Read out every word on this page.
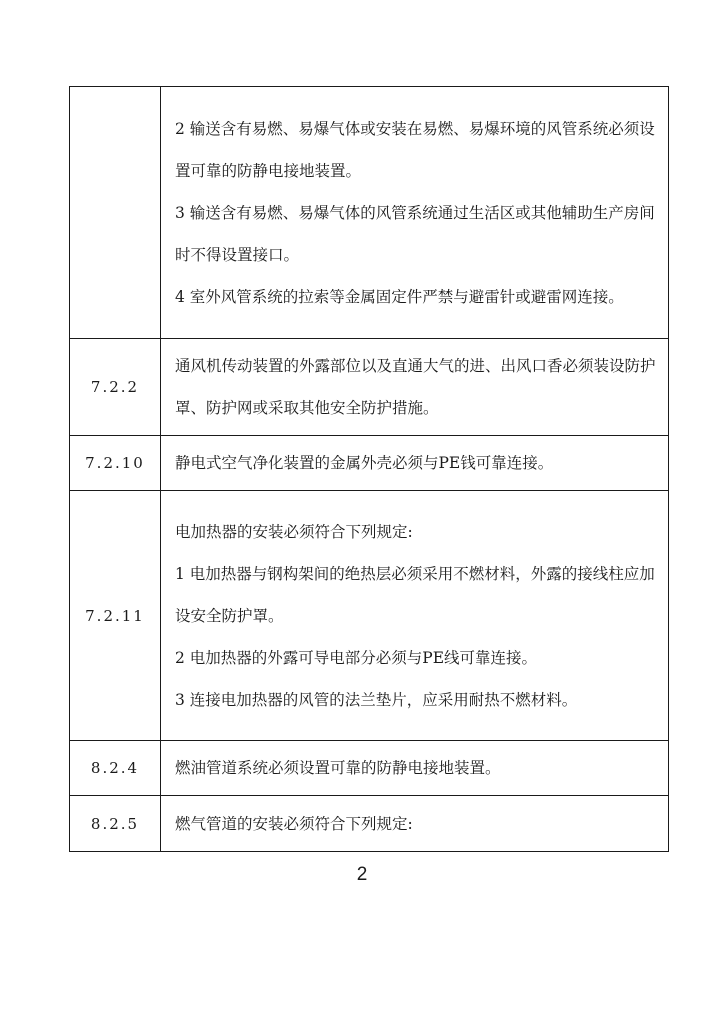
	2 输送含有易燃、易爆气体或安装在易燃、易爆环境的风管系统必须设置可靠的防静电接地装置。

3 输送含有易燃、易爆气体的风管系统通过生活区或其他辅助生产房间时不得设置接口。

4 室外风管系统的拉索等金属固定件严禁与避雷针或避雷网连接。

7.2.2	通风机传动装置的外露部位以及直通大气的进、出风口香必须装设防护罩、防护网或采取其他安全防护措施。

7.2.10	静电式空气净化装置的金属外壳必须与PE钱可靠连接。

7.2.11	电加热器的安装必须符合下列规定:

1 电加热器与钢构架间的绝热层必须采用不燃材料，外露的接线柱应加设安全防护罩。

2 电加热器的外露可导电部分必须与PE线可靠连接。

3 连接电加热器的风管的法兰垫片，应采用耐热不燃材料。

8.2.4	燃油管道系统必须设置可靠的防静电接地装置。

8.2.5	燃气管道的安装必须符合下列规定:

2
